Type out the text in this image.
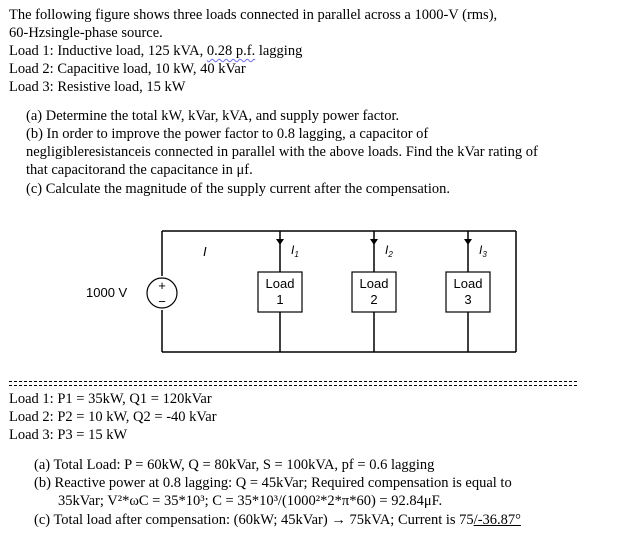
The following figure shows three loads connected in parallel across a 1000-V (rms),
60-Hzsingle-phase source.
Load 1: Inductive load, 125 kVA, 0.28 p.f. lagging
Load 2: Capacitive load, 10 kW, 40 kVar
Load 3: Resistive load, 15 kW
(a) Determine the total kW, kVar, kVA, and supply power factor.
(b) In order to improve the power factor to 0.8 lagging, a capacitor of
negligibleresistanceis connected in parallel with the above loads. Find the kVar rating of
that capacitorand the capacitance in μf.
(c) Calculate the magnitude of the supply current after the compensation.
+
−
1000 V
I	$I_1$
Load
1
$I_2$
Load
2
$I_3$
Load
3
Load 1: P1 = 35kW, Q1 = 120kVar
Load 2: P2 = 10 kW, Q2 = -40 kVar
Load 3: P3 = 15 kW
(a) Total Load: P = 60kW, Q = 80kVar, S = 100kVA, pf = 0.6 lagging
(b) Reactive power at 0.8 lagging: Q = 45kVar; Required compensation is equal to
35kVar; V²*ωC = 35*10³; C = 35*10³/(1000²*2*π*60) = 92.84μF.
(c) Total load after compensation: (60kW; 45kVar) → 75kVA; Current is 75/-36.87°
